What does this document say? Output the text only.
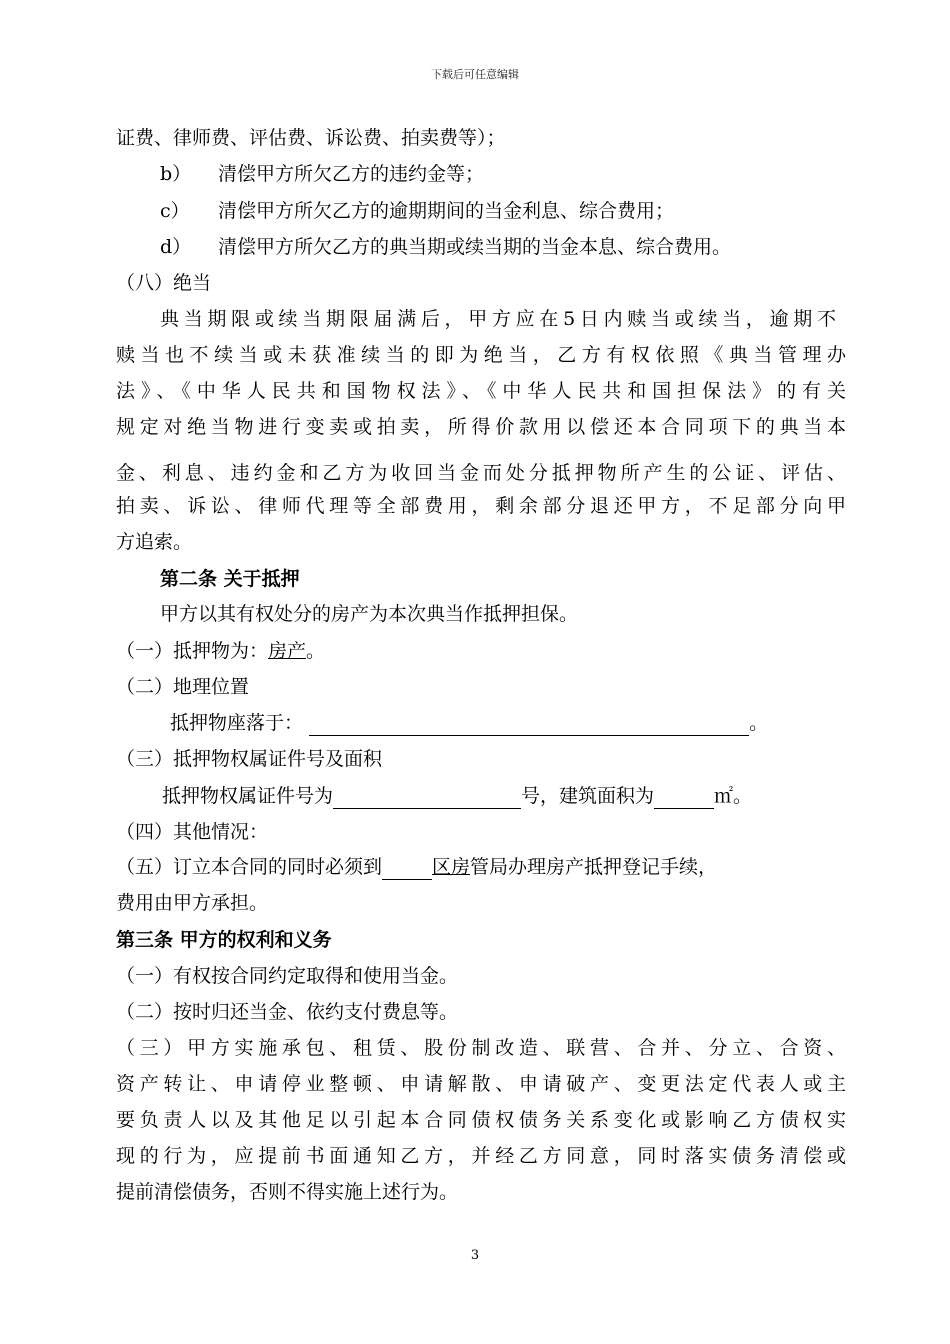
下载后可任意编辑
证费、律师费、评估费、诉讼费、拍卖费等）；
b） 清偿甲方所欠乙方的违约金等；
c） 清偿甲方所欠乙方的逾期期间的当金利息、综合费用；
d） 清偿甲方所欠乙方的典当期或续当期的当金本息、综合费用。
（八）绝当
典当期限或续当期限届满后，甲方应在5日内赎当或续当，逾期不
赎当也不续当或未获准续当的即为绝当，乙方有权依照《典当管理办
法》、《中华人民共和国物权法》、《中华人民共和国担保法》的有关
规定对绝当物进行变卖或拍卖，所得价款用以偿还本合同项下的典当本
金、利息、违约金和乙方为收回当金而处分抵押物所产生的公证、评估、
拍卖、诉讼、律师代理等全部费用，剩余部分退还甲方，不足部分向甲
方追索。
第二条 关于抵押
甲方以其有权处分的房产为本次典当作抵押担保。
（一）抵押物为：房产。
（二）地理位置
抵押物座落于：	。
（三）抵押物权属证件号及面积
抵押物权属证件号为	号，建筑面积为	㎡。
（四）其他情况：
（五）订立本合同的同时必须到	区房管局办理房产抵押登记手续，
费用由甲方承担。
第三条 甲方的权利和义务
（一）有权按合同约定取得和使用当金。
（二）按时归还当金、依约支付费息等。
（三）甲方实施承包、租赁、股份制改造、联营、合并、分立、合资、
资产转让、申请停业整顿、申请解散、申请破产、变更法定代表人或主
要负责人以及其他足以引起本合同债权债务关系变化或影响乙方债权实
现的行为，应提前书面通知乙方，并经乙方同意，同时落实债务清偿或
提前清偿债务，否则不得实施上述行为。
3
